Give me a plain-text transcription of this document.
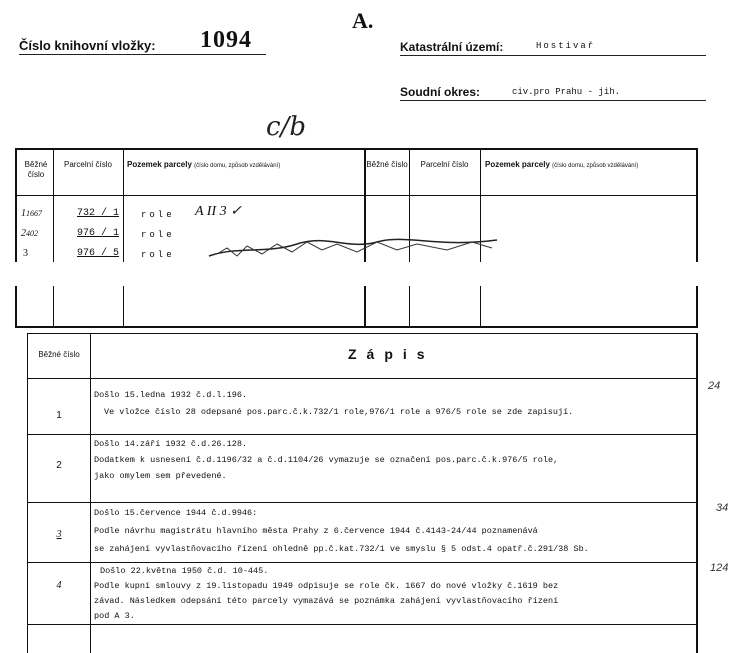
A.
Číslo knihovní vložky: 1094	Katastrální území:	Hostivař
Soudní okres:	civ.pro Prahu - jih.
c/b
Běžné číslo
Parcelní číslo	Pozemek parcely (číslo domu, způsob vzdělávání)	Běžné číslo	Parcelní číslo	Pozemek parcely (číslo domu, způsob vzdělávání)
11667	732 / 1 role A II 3 ✓
2402	976 / 1 role
3	976 / 5 role
Běžné číslo	Zápis
1
Došlo 15.ledna 1932 č.d.l.196.
Ve vložce číslo 28 odepsané pos.parc.č.k.732/1 role,976/1 role a 976/5 role se zde zapisují.
2
Došlo 14.září 1932 č.d.26.128.
Dodatkem k usnesení č.d.1196/32 a č.d.1104/26 vymazuje se označení pos.parc.č.k.976/5 role,
jako omylem sem převedené.
3
Došlo 15.července 1944 č.d.9946:
Podle návrhu magistrátu hlavního města Prahy z 6.července 1944 č.4143-24/44 poznamenává
se zahájení vyvlastňovacího řízení ohledně pp.č.kat.732/1 ve smyslu § 5 odst.4 opatř.č.291/38 Sb.
4
Došlo 22.května 1950 č.d. 10-445.
Podle kupní smlouvy z 19.listopadu 1949 odpisuje se role čk. 1667 do nové vložky č.1619 bez
závad. Následkem odepsání této parcely vymazává se poznámka zahájení vyvlastňovacího řízení
pod A 3.
24
34
124
